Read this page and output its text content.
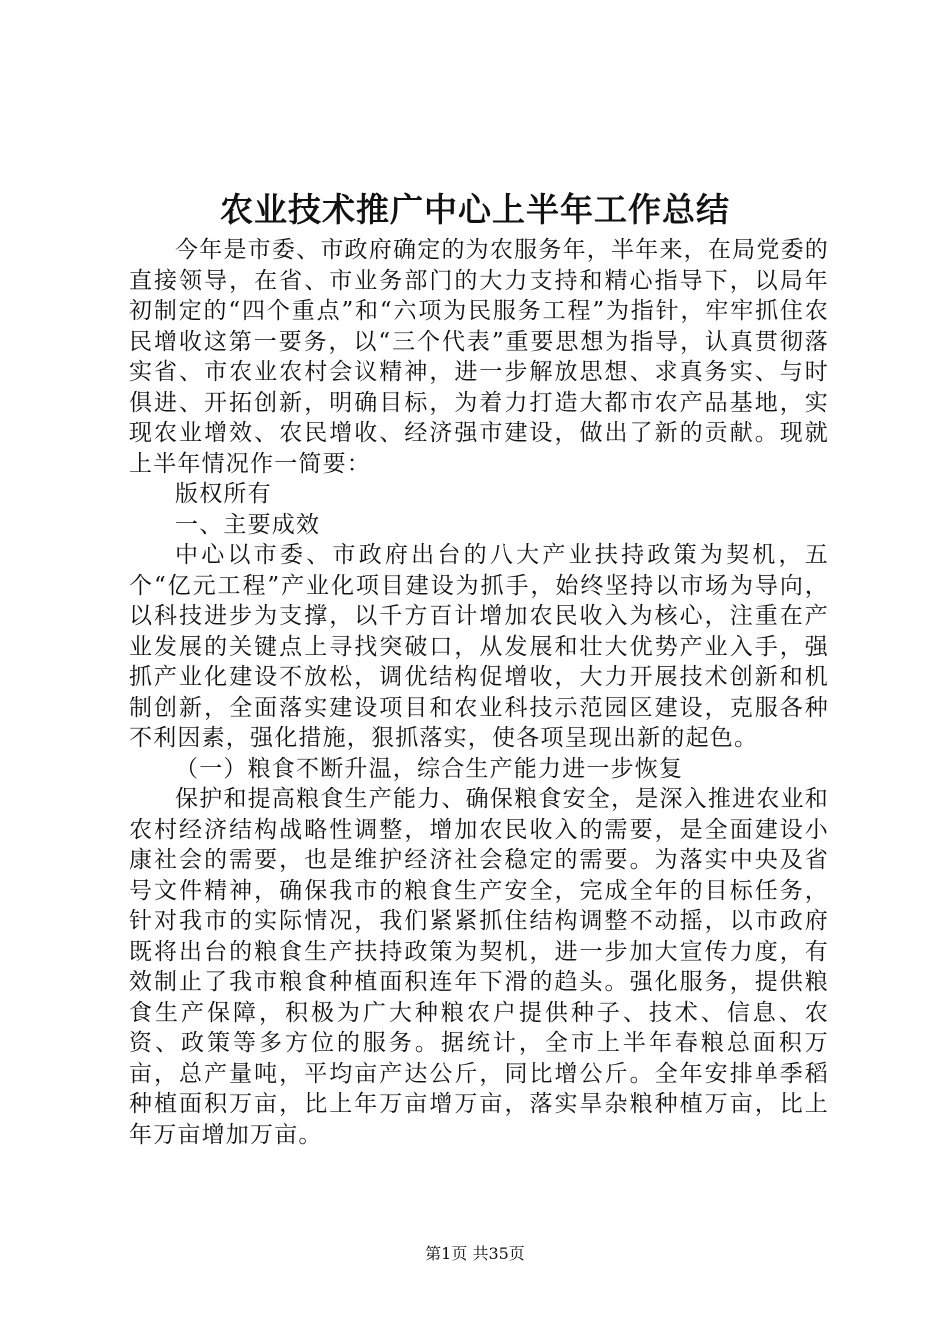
农业技术推广中心上半年工作总结

今年是市委、市政府确定的为农服务年，半年来，在局党委的直接领导，在省、市业务部门的大力支持和精心指导下，以局年初制定的“四个重点”和“六项为民服务工程”为指针，牢牢抓住农民增收这第一要务，以“三个代表”重要思想为指导，认真贯彻落实省、市农业农村会议精神，进一步解放思想、求真务实、与时俱进、开拓创新，明确目标，为着力打造大都市农产品基地，实现农业增效、农民增收、经济强市建设，做出了新的贡献。现就上半年情况作一简要：

版权所有

一、主要成效

中心以市委、市政府出台的八大产业扶持政策为契机，五个“亿元工程”产业化项目建设为抓手，始终坚持以市场为导向，以科技进步为支撑，以千方百计增加农民收入为核心，注重在产业发展的关键点上寻找突破口，从发展和壮大优势产业入手，强抓产业化建设不放松，调优结构促增收，大力开展技术创新和机制创新，全面落实建设项目和农业科技示范园区建设，克服各种不利因素，强化措施，狠抓落实，使各项呈现出新的起色。

（一）粮食不断升温，综合生产能力进一步恢复

保护和提高粮食生产能力、确保粮食安全，是深入推进农业和农村经济结构战略性调整，增加农民收入的需要，是全面建设小康社会的需要，也是维护经济社会稳定的需要。为落实中央及省号文件精神，确保我市的粮食生产安全，完成全年的目标任务，针对我市的实际情况，我们紧紧抓住结构调整不动摇，以市政府既将出台的粮食生产扶持政策为契机，进一步加大宣传力度，有效制止了我市粮食种植面积连年下滑的趋头。强化服务，提供粮食生产保障，积极为广大种粮农户提供种子、技术、信息、农资、政策等多方位的服务。据统计，全市上半年春粮总面积万亩，总产量吨，平均亩产达公斤，同比增公斤。全年安排单季稻种植面积万亩，比上年万亩增万亩，落实旱杂粮种植万亩，比上年万亩增加万亩。

第1页 共35页
